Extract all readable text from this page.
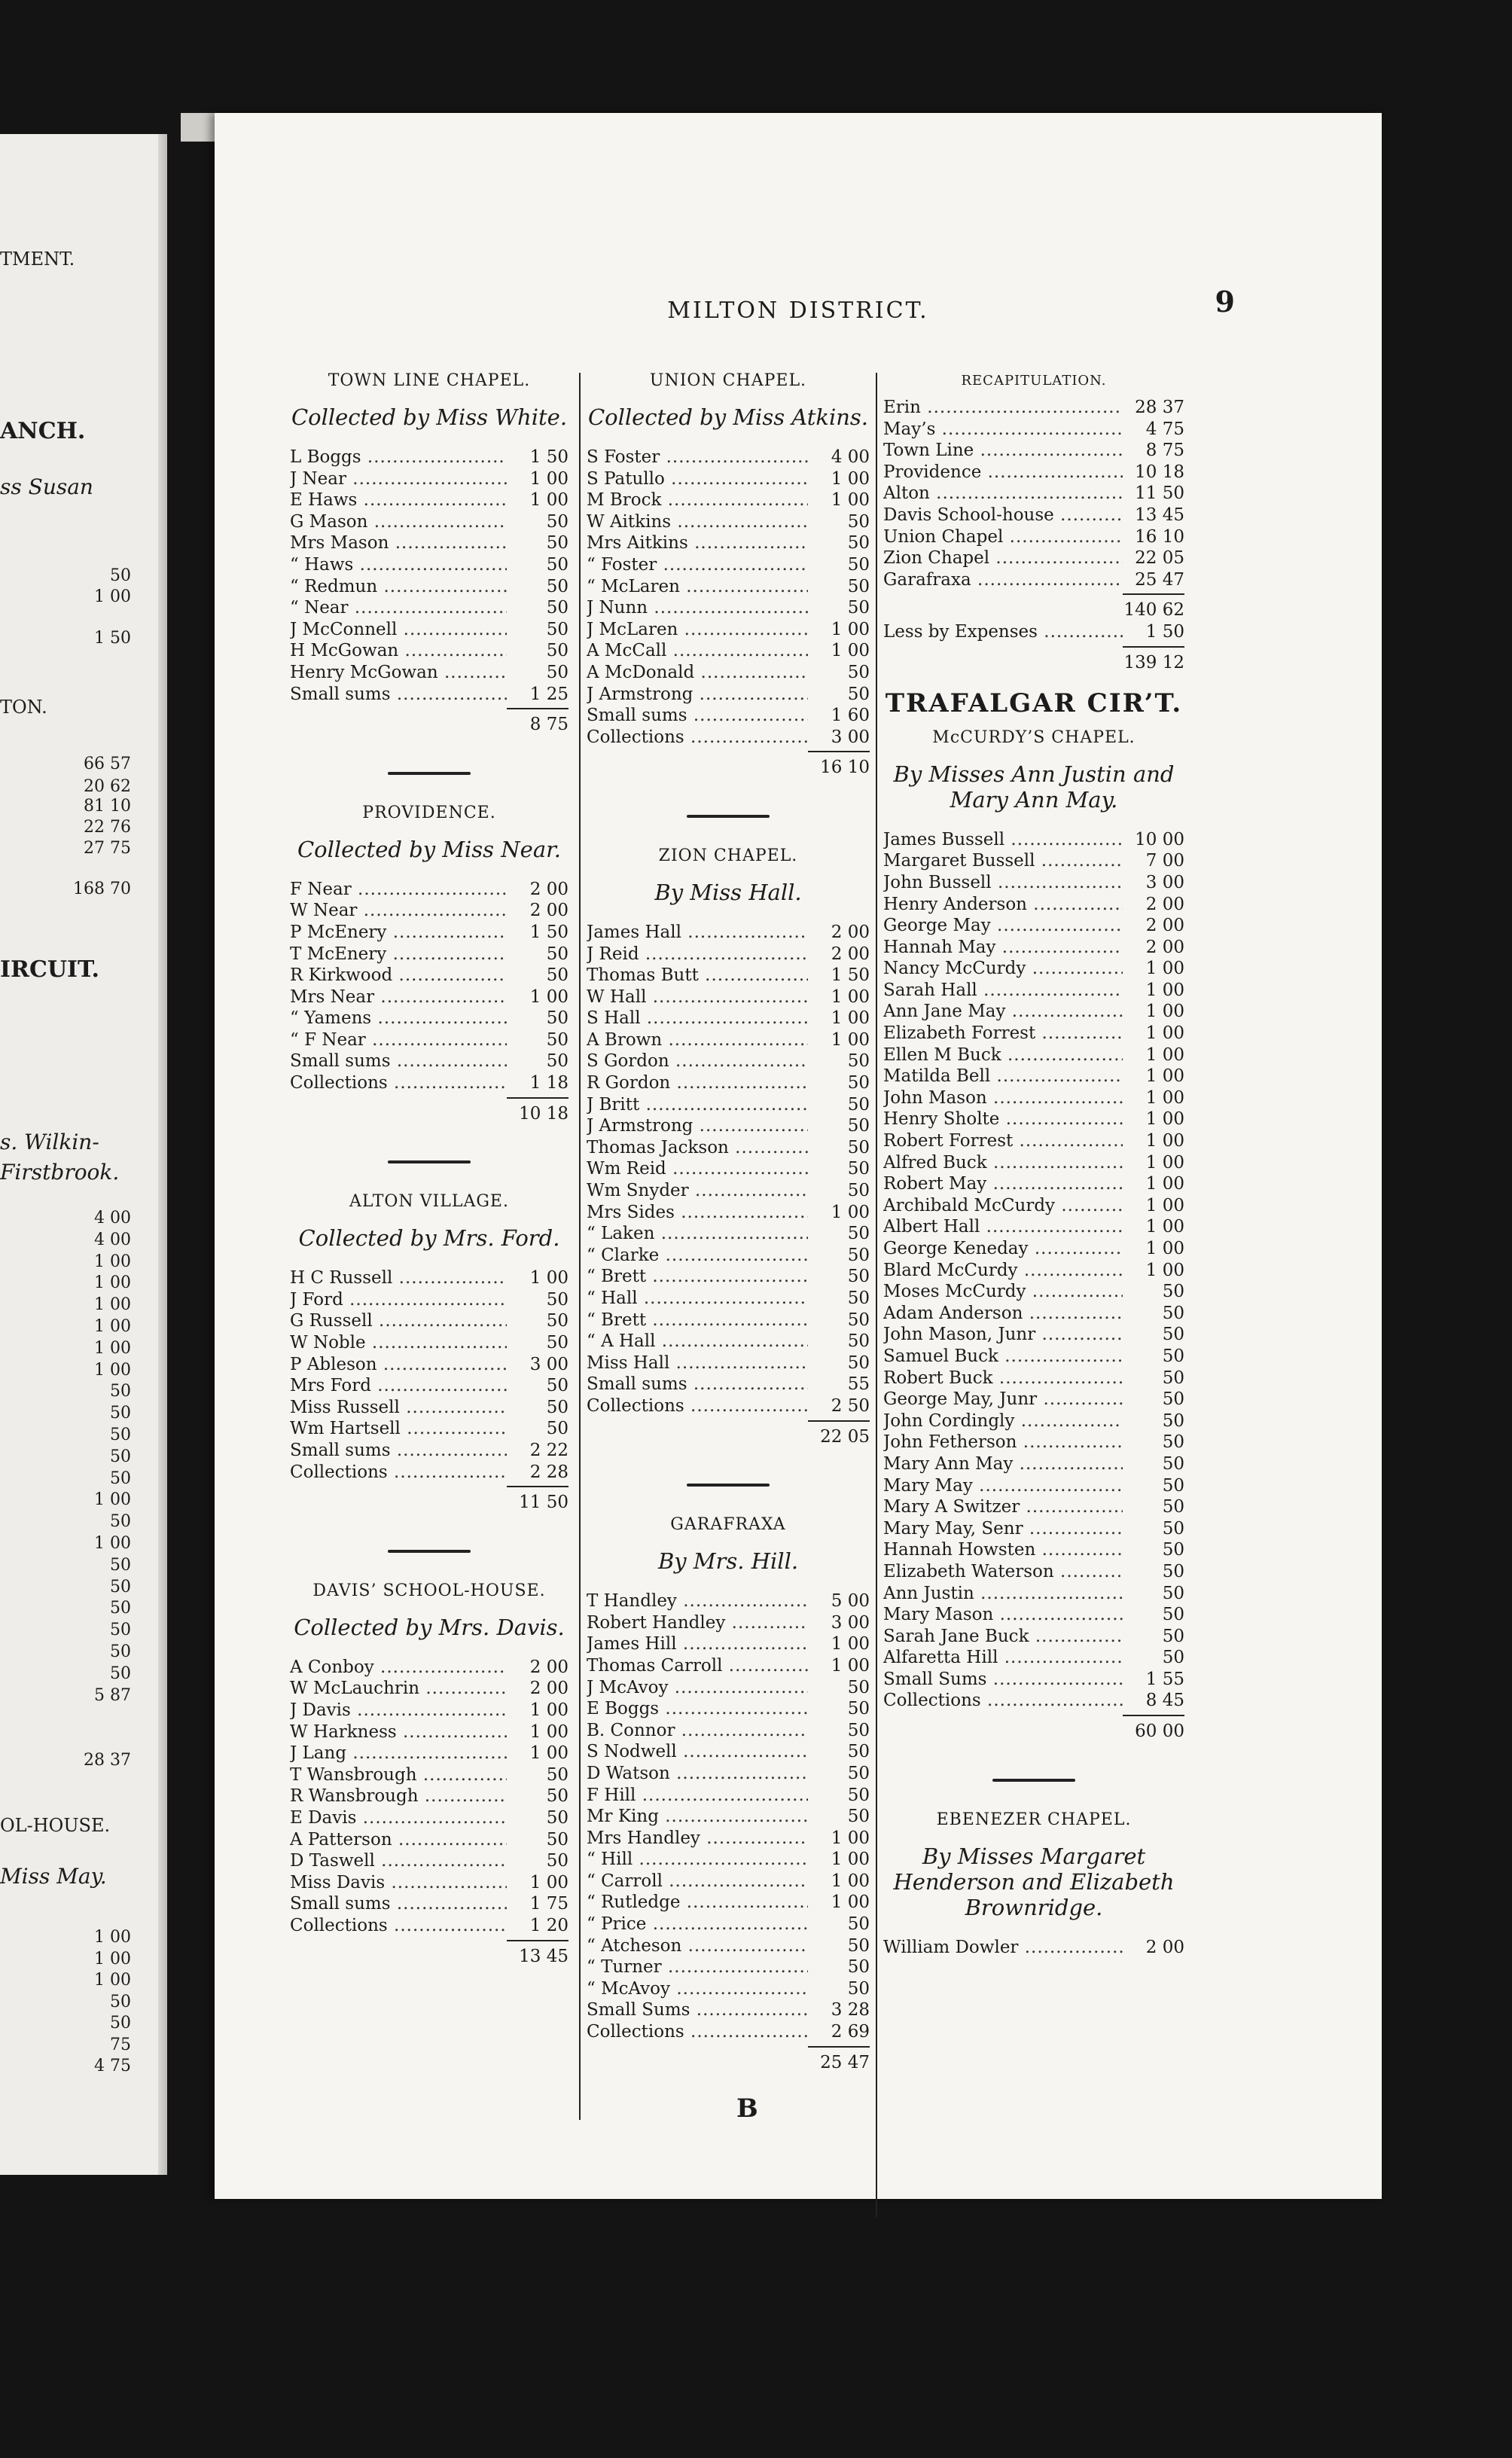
TMENT.
ANCH.
ss Susan
TON.
IRCUIT.
s. Wilkin-
Firstbrook.
OL-HOUSE.
Miss May.
50
1 00
1 50
66 57
20 62
81 10
22 76
27 75
168 70
4 00
4 00
1 00
1 00
1 00
1 00
1 00
1 00
50
50
50
50
50
1 00
50
1 00
50
50
50
50
50
50
5 87
28 37
1 00
1 00
1 00
50
50
75
4 75
MILTON DISTRICT.	9
TOWN LINE CHAPEL.
Collected by Miss White.
L Boggs .....	1 50
J Near .....	1 00
E Haws .....	1 00
G Mason .....	50
Mrs Mason .....	50
“ Haws .....	50
“ Redmun .....	50
“ Near .....	50
J McConnell .....	50
H McGowan .....	50
Henry McGowan .....	50
Small sums .....	1 25
8 75
PROVIDENCE.
Collected by Miss Near.
F Near .....	2 00
W Near .....	2 00
P McEnery .....	1 50
T McEnery .....	50
R Kirkwood .....	50
Mrs Near .....	1 00
“ Yamens .....	50
“ F Near .....	50
Small sums .....	50
Collections .....	1 18
10 18
ALTON VILLAGE.
Collected by Mrs. Ford.
H C Russell .....	1 00
J Ford .....	50
G Russell .....	50
W Noble .....	50
P Ableson .....	3 00
Mrs Ford .....	50
Miss Russell .....	50
Wm Hartsell .....	50
Small sums .....	2 22
Collections .....	2 28
11 50
DAVIS’ SCHOOL-HOUSE.
Collected by Mrs. Davis.
A Conboy .....	2 00
W McLauchrin .....	2 00
J Davis .....	1 00
W Harkness .....	1 00
J Lang .....	1 00
T Wansbrough .....	50
R Wansbrough .....	50
E Davis .....	50
A Patterson .....	50
D Taswell .....	50
Miss Davis .....	1 00
Small sums .....	1 75
Collections .....	1 20
13 45
UNION CHAPEL.
Collected by Miss Atkins.
S Foster .....	4 00
S Patullo .....	1 00
M Brock .....	1 00
W Aitkins .....	50
Mrs Aitkins .....	50
“ Foster .....	50
“ McLaren .....	50
J Nunn .....	50
J McLaren .....	1 00
A McCall .....	1 00
A McDonald .....	50
J Armstrong .....	50
Small sums .....	1 60
Collections .....	3 00
16 10
ZION CHAPEL.
By Miss Hall.
James Hall .....	2 00
J Reid .....	2 00
Thomas Butt .....	1 50
W Hall .....	1 00
S Hall .....	1 00
A Brown .....	1 00
S Gordon .....	50
R Gordon .....	50
J Britt .....	50
J Armstrong .....	50
Thomas Jackson .....	50
Wm Reid .....	50
Wm Snyder .....	50
Mrs Sides .....	1 00
“ Laken .....	50
“ Clarke .....	50
“ Brett .....	50
“ Hall .....	50
“ Brett .....	50
“ A Hall .....	50
Miss Hall .....	50
Small sums .....	55
Collections .....	2 50
22 05
GARAFRAXA
By Mrs. Hill.
T Handley .....	5 00
Robert Handley .....	3 00
James Hill .....	1 00
Thomas Carroll .....	1 00
J McAvoy .....	50
E Boggs .....	50
B. Connor .....	50
S Nodwell .....	50
D Watson .....	50
F Hill .....	50
Mr King .....	50
Mrs Handley .....	1 00
“ Hill .....	1 00
“ Carroll .....	1 00
“ Rutledge .....	1 00
“ Price .....	50
“ Atcheson .....	50
“ Turner .....	50
“ McAvoy .....	50
Small Sums .....	3 28
Collections .....	2 69
25 47
RECAPITULATION.
Erin .....	28 37
May’s .....	4 75
Town Line .....	8 75
Providence .....	10 18
Alton .....	11 50
Davis School-house .....	13 45
Union Chapel .....	16 10
Zion Chapel .....	22 05
Garafraxa .....	25 47
140 62
Less by Expenses .....	1 50
139 12
TRAFALGAR CIR’T.
McCURDY’S CHAPEL.
By Misses Ann Justin and Mary Ann May.
James Bussell .....	10 00
Margaret Bussell .....	7 00
John Bussell .....	3 00
Henry Anderson .....	2 00
George May .....	2 00
Hannah May .....	2 00
Nancy McCurdy .....	1 00
Sarah Hall .....	1 00
Ann Jane May .....	1 00
Elizabeth Forrest .....	1 00
Ellen M Buck .....	1 00
Matilda Bell .....	1 00
John Mason .....	1 00
Henry Sholte .....	1 00
Robert Forrest .....	1 00
Alfred Buck .....	1 00
Robert May .....	1 00
Archibald McCurdy .....	1 00
Albert Hall .....	1 00
George Keneday .....	1 00
Blard McCurdy .....	1 00
Moses McCurdy .....	50
Adam Anderson .....	50
John Mason, Junr .....	50
Samuel Buck .....	50
Robert Buck .....	50
George May, Junr .....	50
John Cordingly .....	50
John Fetherson .....	50
Mary Ann May .....	50
Mary May .....	50
Mary A Switzer .....	50
Mary May, Senr .....	50
Hannah Howsten .....	50
Elizabeth Waterson .....	50
Ann Justin .....	50
Mary Mason .....	50
Sarah Jane Buck .....	50
Alfaretta Hill .....	50
Small Sums .....	1 55
Collections .....	8 45
60 00
EBENEZER CHAPEL.
By Misses Margaret Henderson and Elizabeth Brownridge.
William Dowler .....	2 00
B
